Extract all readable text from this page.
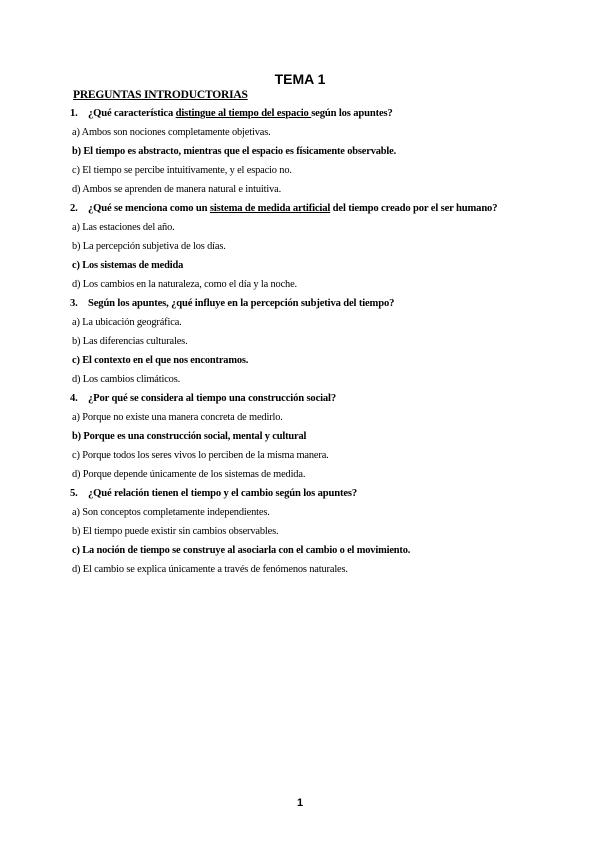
TEMA 1
PREGUNTAS INTRODUCTORIAS
1. ¿Qué característica distingue al tiempo del espacio según los apuntes?
a) Ambos son nociones completamente objetivas.
b) El tiempo es abstracto, mientras que el espacio es físicamente observable.
c) El tiempo se percibe intuitivamente, y el espacio no.
d) Ambos se aprenden de manera natural e intuitiva.
2. ¿Qué se menciona como un sistema de medida artificial del tiempo creado por el ser humano?
a) Las estaciones del año.
b) La percepción subjetiva de los días.
c) Los sistemas de medida
d) Los cambios en la naturaleza, como el día y la noche.
3. Según los apuntes, ¿qué influye en la percepción subjetiva del tiempo?
a) La ubicación geográfica.
b) Las diferencias culturales.
c) El contexto en el que nos encontramos.
d) Los cambios climáticos.
4. ¿Por qué se considera al tiempo una construcción social?
a) Porque no existe una manera concreta de medirlo.
b) Porque es una construcción social, mental y cultural
c) Porque todos los seres vivos lo perciben de la misma manera.
d) Porque depende únicamente de los sistemas de medida.
5. ¿Qué relación tienen el tiempo y el cambio según los apuntes?
a) Son conceptos completamente independientes.
b) El tiempo puede existir sin cambios observables.
c) La noción de tiempo se construye al asociarla con el cambio o el movimiento.
d) El cambio se explica únicamente a través de fenómenos naturales.
1
